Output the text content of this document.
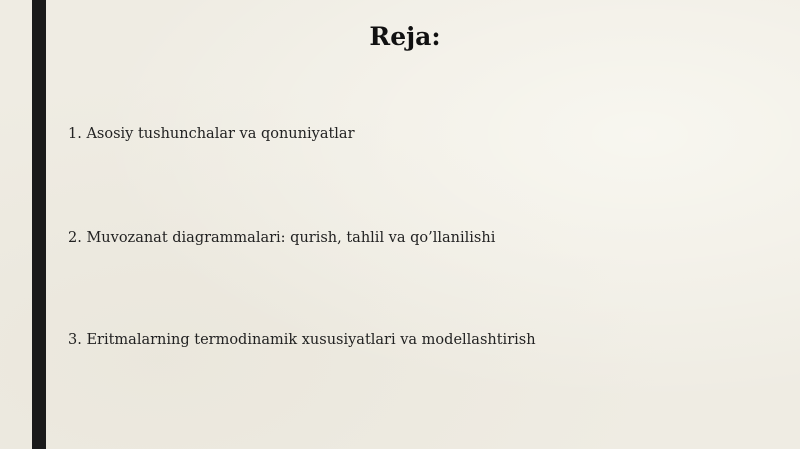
Reja:
1. Asosiy tushunchalar va qonuniyatlar
2. Muvozanat diagrammalari: qurish, tahlil va qo’llanilishi
3. Eritmalarning termodinamik xususiyatlari va modellashtirish
